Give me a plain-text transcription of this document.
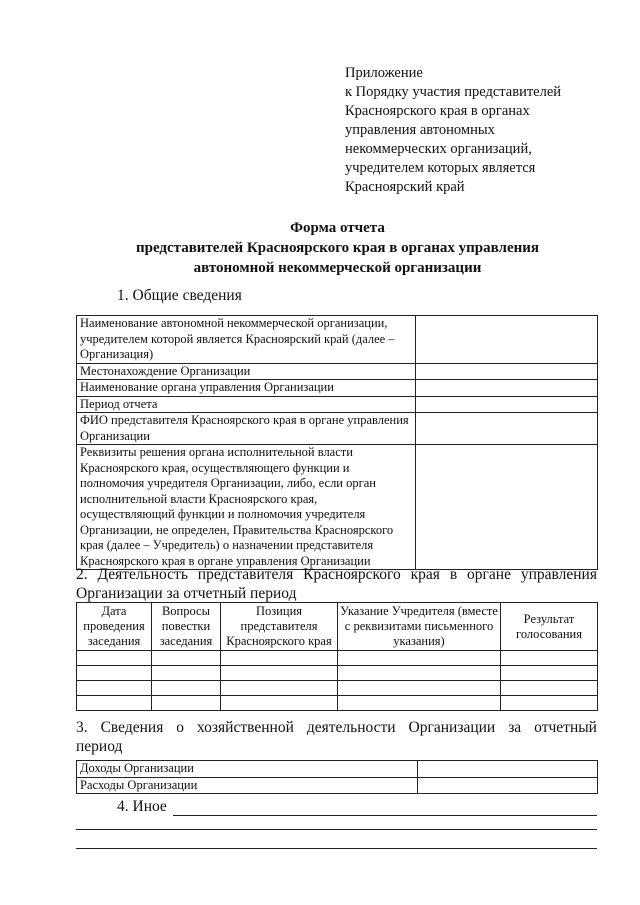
Приложение
к Порядку участия представителей
Красноярского края в органах
управления автономных
некоммерческих организаций,
учредителем которых является
Красноярский край
Форма отчета
представителей Красноярского края в органах управления
автономной некоммерческой организации
1. Общие сведения
Наименование автономной некоммерческой организации, учредителем которой является Красноярский край (далее – Организация)	
Местонахождение Организации	
Наименование органа управления Организации	
Период отчета	
ФИО представителя Красноярского края в органе управления Организации	
Реквизиты решения органа исполнительной власти Красноярского края, осуществляющего функции и полномочия учредителя Организации, либо, если орган исполнительной власти Красноярского края, осуществляющий функции и полномочия учредителя Организации, не определен, Правительства Красноярского края (далее – Учредитель) о назначении представителя Красноярского края в органе управления Организации	
2. Деятельность представителя Красноярского края в органе управления
Организации за отчетный период
Дата проведения заседания	Вопросы повестки заседания	Позиция представителя Красноярского края	Указание Учредителя (вместе с реквизитами письменного указания)	Результат голосования

3. Сведения о хозяйственной деятельности Организации за отчетный
период
Доходы Организации	
Расходы Организации	
4. Иное
